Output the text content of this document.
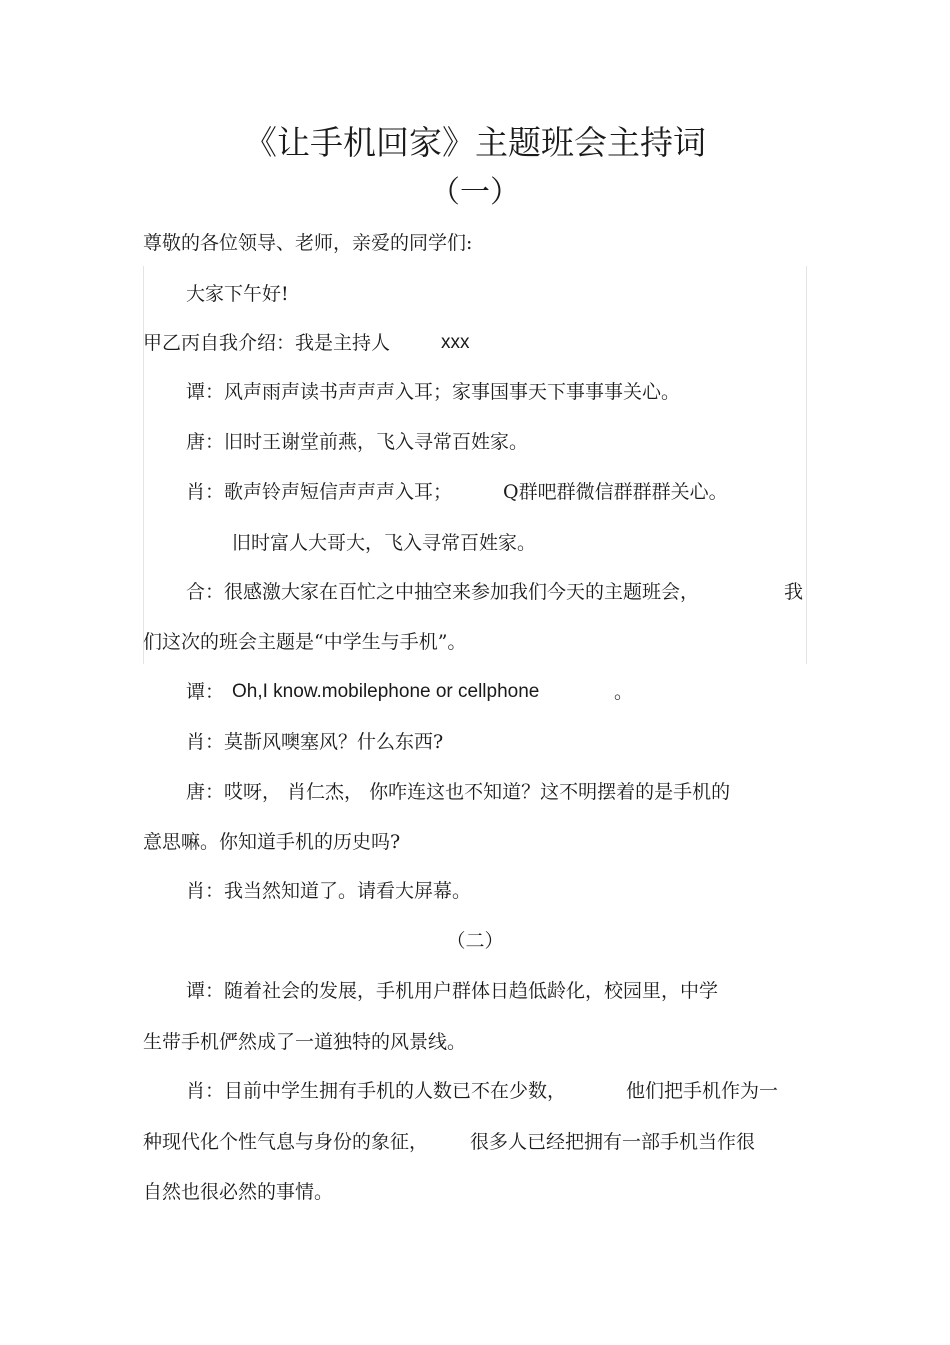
《让手机回家》主题班会主持词
（一）
尊敬的各位领导、老师，亲爱的同学们:
大家下午好!
甲乙丙自我介绍：我是主持人	xxx
谭：风声雨声读书声声声入耳；家事国事天下事事事关心。
唐：旧时王谢堂前燕，飞入寻常百姓家。
肖：歌声铃声短信声声声入耳；	Q群吧群微信群群群关心。
旧时富人大哥大，飞入寻常百姓家。
合：很感激大家在百忙之中抽空来参加我们今天的主题班会，	我
们这次的班会主题是“中学生与手机”。
谭： Oh,I know.mobilephone or cellphone	。
肖：莫斮风噢塞风？什么东西?
唐：哎呀， 肖仁杰， 你咋连这也不知道？这不明摆着的是手机的
意思嘛。你知道手机的历史吗?
肖：我当然知道了。请看大屏幕。
（二）
谭：随着社会的发展，手机用户群体日趋低龄化，校园里，中学
生带手机俨然成了一道独特的风景线。
肖：目前中学生拥有手机的人数已不在少数，	他们把手机作为一
种现代化个性气息与身份的象征， 很多人已经把拥有一部手机当作很
自然也很必然的事情。
